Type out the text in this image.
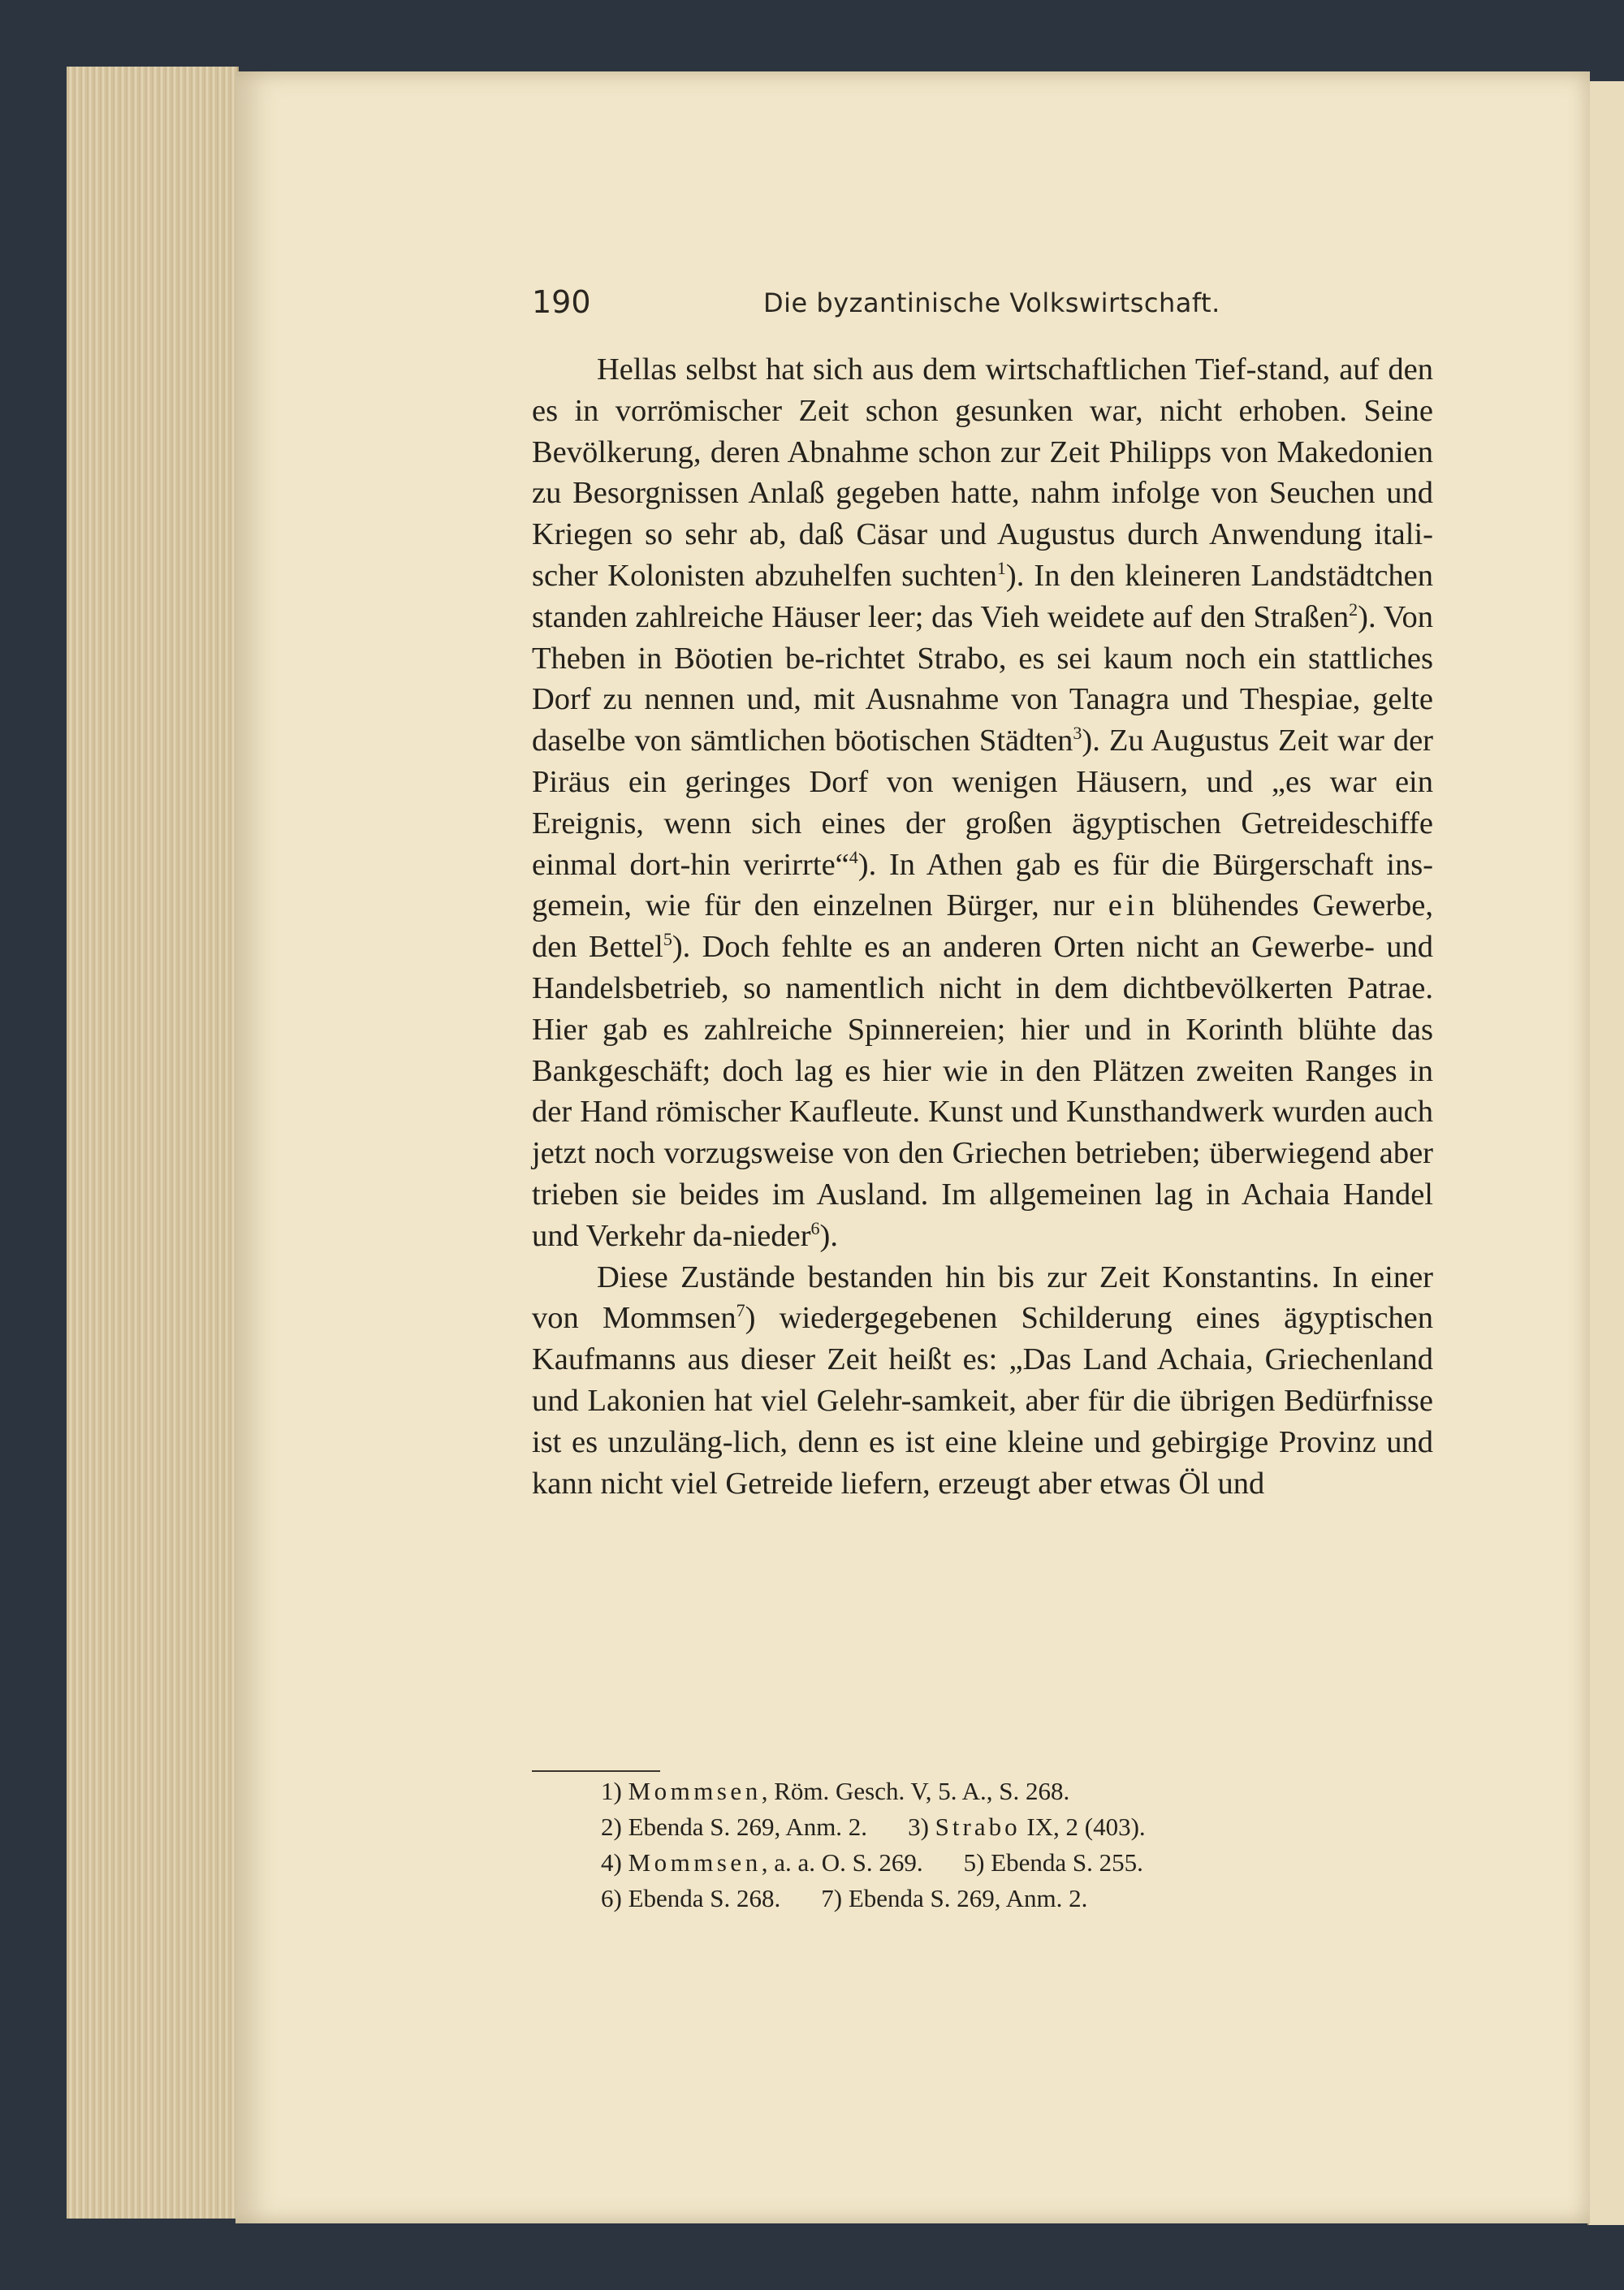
190	Die byzantinische Volkswirtschaft.

Hellas selbst hat sich aus dem wirtschaftlichen Tief-stand, auf den es in vorrömischer Zeit schon gesunken war, nicht erhoben. Seine Bevölkerung, deren Abnahme schon zur Zeit Philipps von Makedonien zu Besorgnissen Anlaß gegeben hatte, nahm infolge von Seuchen und Kriegen so sehr ab, daß Cäsar und Augustus durch Anwendung itali-scher Kolonisten abzuhelfen suchten$^1$). In den kleineren Landstädtchen standen zahlreiche Häuser leer; das Vieh weidete auf den Straßen$^2$). Von Theben in Böotien be-richtet Strabo, es sei kaum noch ein stattliches Dorf zu nennen und, mit Ausnahme von Tanagra und Thespiae, gelte daselbe von sämtlichen böotischen Städten$^3$). Zu Augustus Zeit war der Piräus ein geringes Dorf von wenigen Häusern, und „es war ein Ereignis, wenn sich eines der großen ägyptischen Getreideschiffe einmal dort-hin verirrte“$^4$). In Athen gab es für die Bürgerschaft ins-gemein, wie für den einzelnen Bürger, nur ein blühendes Gewerbe, den Bettel$^5$). Doch fehlte es an anderen Orten nicht an Gewerbe- und Handelsbetrieb, so namentlich nicht in dem dichtbevölkerten Patrae. Hier gab es zahlreiche Spinnereien; hier und in Korinth blühte das Bankgeschäft; doch lag es hier wie in den Plätzen zweiten Ranges in der Hand römischer Kaufleute. Kunst und Kunsthandwerk wurden auch jetzt noch vorzugsweise von den Griechen betrieben; überwiegend aber trieben sie beides im Ausland. Im allgemeinen lag in Achaia Handel und Verkehr da-nieder$^6$).

Diese Zustände bestanden hin bis zur Zeit Konstantins. In einer von Mommsen$^7$) wiedergegebenen Schilderung eines ägyptischen Kaufmanns aus dieser Zeit heißt es: „Das Land Achaia, Griechenland und Lakonien hat viel Gelehr-samkeit, aber für die übrigen Bedürfnisse ist es unzuläng-lich, denn es ist eine kleine und gebirgige Provinz und kann nicht viel Getreide liefern, erzeugt aber etwas Öl und

1) Mommsen, Röm. Gesch. V, 5. A., S. 268.
2) Ebenda S. 269, Anm. 2. 3) Strabo IX, 2 (403).
4) Mommsen, a. a. O. S. 269. 5) Ebenda S. 255.
6) Ebenda S. 268. 7) Ebenda S. 269, Anm. 2.
